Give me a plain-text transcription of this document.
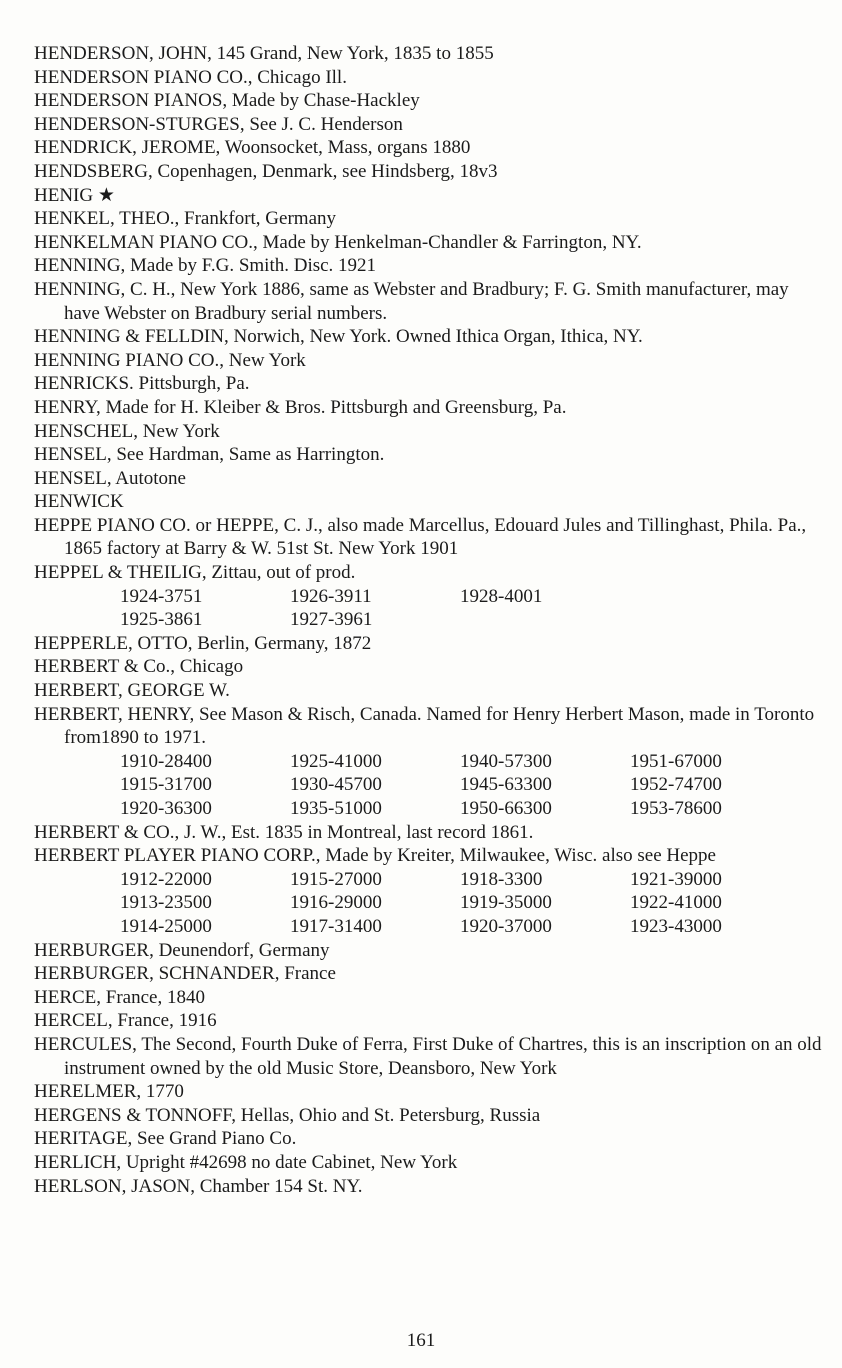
HENDERSON, JOHN, 145 Grand, New York, 1835 to 1855
HENDERSON PIANO CO., Chicago Ill.
HENDERSON PIANOS, Made by Chase-Hackley
HENDERSON-STURGES, See J. C. Henderson
HENDRICK, JEROME, Woonsocket, Mass, organs 1880
HENDSBERG, Copenhagen, Denmark, see Hindsberg, 18v3
HENIG ★
HENKEL, THEO., Frankfort, Germany
HENKELMAN PIANO CO., Made by Henkelman-Chandler & Farrington, NY.
HENNING, Made by F.G. Smith. Disc. 1921
HENNING, C. H., New York 1886, same as Webster and Bradbury; F. G. Smith manufacturer, may have Webster on Bradbury serial numbers.
HENNING & FELLDIN, Norwich, New York. Owned Ithica Organ, Ithica, NY.
HENNING PIANO CO., New York
HENRICKS. Pittsburgh, Pa.
HENRY, Made for H. Kleiber & Bros. Pittsburgh and Greensburg, Pa.
HENSCHEL, New York
HENSEL, See Hardman, Same as Harrington.
HENSEL, Autotone
HENWICK
HEPPE PIANO CO. or HEPPE, C. J., also made Marcellus, Edouard Jules and Tillinghast, Phila. Pa., 1865 factory at Barry & W. 51st St. New York 1901
HEPPEL & THEILIG, Zittau, out of prod.
1924-3751	1926-3911	1928-4001
1925-3861	1927-3961
HEPPERLE, OTTO, Berlin, Germany, 1872
HERBERT & Co., Chicago
HERBERT, GEORGE W.
HERBERT, HENRY, See Mason & Risch, Canada. Named for Henry Herbert Mason, made in Toronto from1890 to 1971.
1910-28400	1925-41000	1940-57300	1951-67000
1915-31700	1930-45700	1945-63300	1952-74700
1920-36300	1935-51000	1950-66300	1953-78600
HERBERT & CO., J. W., Est. 1835 in Montreal, last record 1861.
HERBERT PLAYER PIANO CORP., Made by Kreiter, Milwaukee, Wisc. also see Heppe
1912-22000	1915-27000	1918-3300	1921-39000
1913-23500	1916-29000	1919-35000	1922-41000
1914-25000	1917-31400	1920-37000	1923-43000
HERBURGER, Deunendorf, Germany
HERBURGER, SCHNANDER, France
HERCE, France, 1840
HERCEL, France, 1916
HERCULES, The Second, Fourth Duke of Ferra, First Duke of Chartres, this is an inscription on an old instrument owned by the old Music Store, Deansboro, New York
HERELMER, 1770
HERGENS & TONNOFF, Hellas, Ohio and St. Petersburg, Russia
HERITAGE, See Grand Piano Co.
HERLICH, Upright #42698 no date Cabinet, New York
HERLSON, JASON, Chamber 154 St. NY.
161
